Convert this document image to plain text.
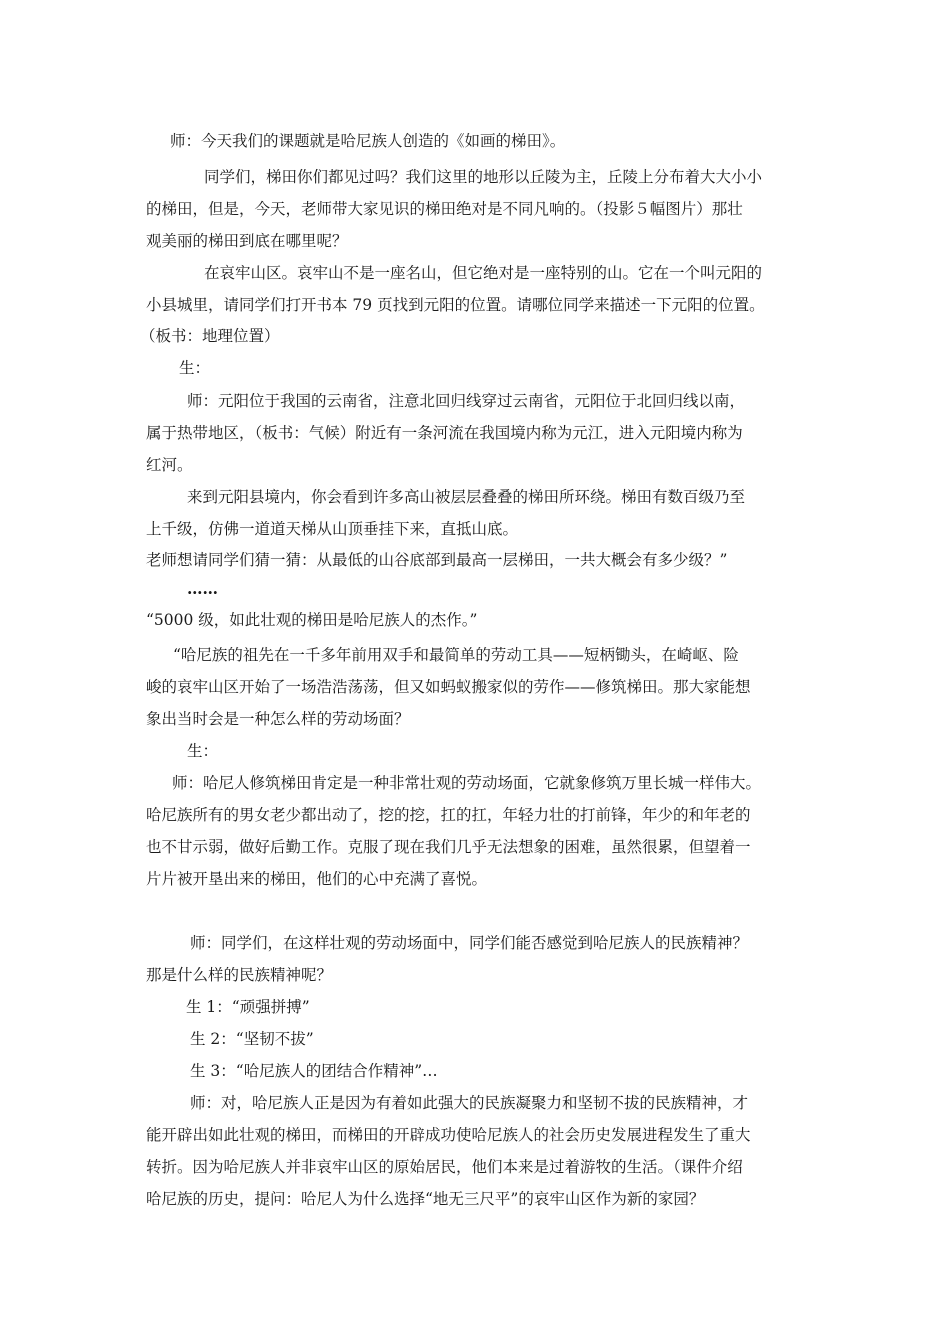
师：今天我们的课题就是哈尼族人创造的《如画的梯田》。

同学们，梯田你们都见过吗？我们这里的地形以丘陵为主，丘陵上分布着大大小小

的梯田，但是，今天，老师带大家见识的梯田绝对是不同凡响的。（投影５幅图片）那壮

观美丽的梯田到底在哪里呢？

在哀牢山区。哀牢山不是一座名山，但它绝对是一座特别的山。它在一个叫元阳的

小县城里，请同学们打开书本 79 页找到元阳的位置。请哪位同学来描述一下元阳的位置。

（板书：地理位置）

生：

师：元阳位于我国的云南省，注意北回归线穿过云南省，元阳位于北回归线以南，

属于热带地区，（板书：气候）附近有一条河流在我国境内称为元江，进入元阳境内称为

红河。

来到元阳县境内，你会看到许多高山被层层叠叠的梯田所环绕。梯田有数百级乃至

上千级，仿佛一道道天梯从山顶垂挂下来，直抵山底。

老师想请同学们猜一猜：从最低的山谷底部到最高一层梯田，一共大概会有多少级？”

……

“5000 级，如此壮观的梯田是哈尼族人的杰作。”

“哈尼族的祖先在一千多年前用双手和最简单的劳动工具——短柄锄头，在崎岖、险

峻的哀牢山区开始了一场浩浩荡荡，但又如蚂蚁搬家似的劳作——修筑梯田。那大家能想

象出当时会是一种怎么样的劳动场面？

生：

师：哈尼人修筑梯田肯定是一种非常壮观的劳动场面，它就象修筑万里长城一样伟大。

哈尼族所有的男女老少都出动了，挖的挖，扛的扛，年轻力壮的打前锋，年少的和年老的

也不甘示弱，做好后勤工作。克服了现在我们几乎无法想象的困难，虽然很累，但望着一

片片被开垦出来的梯田，他们的心中充满了喜悦。

师：同学们，在这样壮观的劳动场面中，同学们能否感觉到哈尼族人的民族精神？

那是什么样的民族精神呢？

生 1：“顽强拼搏”

生 2：“坚韧不拔”

生 3：“哈尼族人的团结合作精神”…

师：对，哈尼族人正是因为有着如此强大的民族凝聚力和坚韧不拔的民族精神，才

能开辟出如此壮观的梯田，而梯田的开辟成功使哈尼族人的社会历史发展进程发生了重大

转折。因为哈尼族人并非哀牢山区的原始居民，他们本来是过着游牧的生活。（课件介绍

哈尼族的历史，提问：哈尼人为什么选择“地无三尺平”的哀牢山区作为新的家园？
